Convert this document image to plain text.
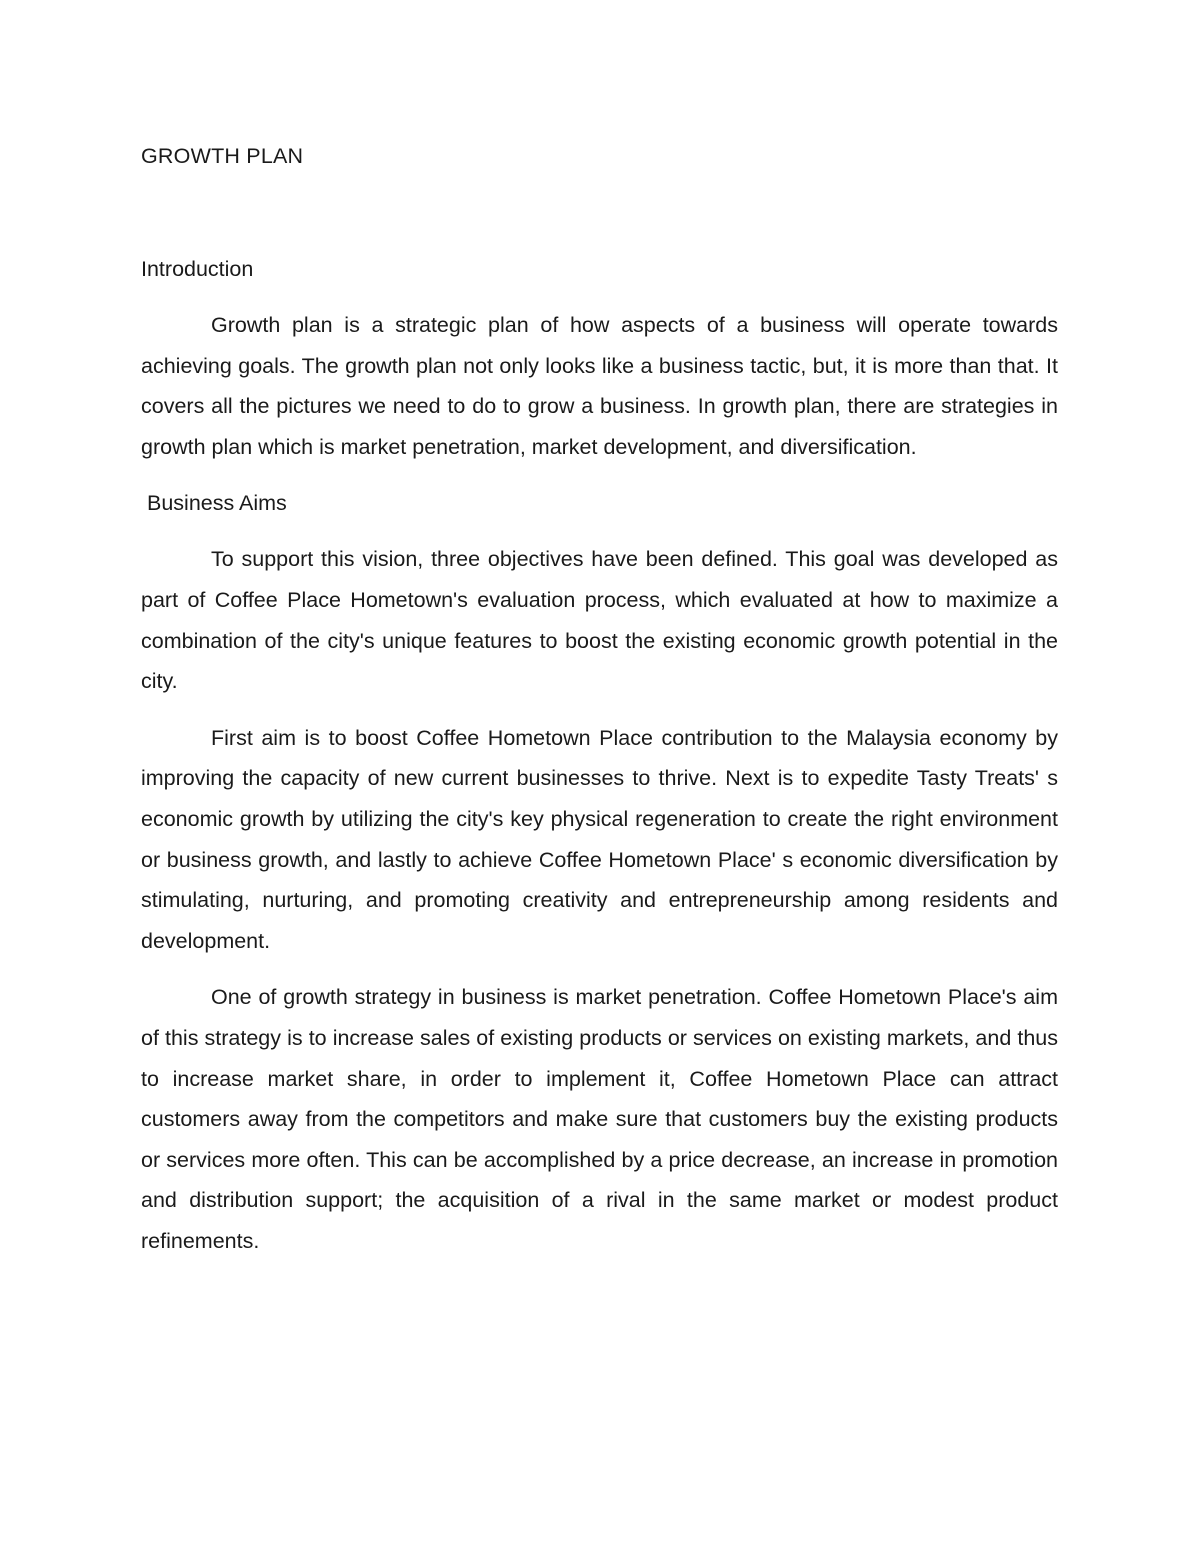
GROWTH PLAN
Introduction

Growth plan is a strategic plan of how aspects of a business will operate towards achieving goals. The growth plan not only looks like a business tactic, but, it is more than that. It covers all the pictures we need to do to grow a business. In growth plan, there are strategies in growth plan which is market penetration, market development, and diversification.

Business Aims

To support this vision, three objectives have been defined. This goal was developed as part of Coffee Place Hometown's evaluation process, which evaluated at how to maximize a combination of the city's unique features to boost the existing economic growth potential in the city.

First aim is to boost Coffee Hometown Place contribution to the Malaysia economy by improving the capacity of new current businesses to thrive. Next is to expedite Tasty Treats' s economic growth by utilizing the city's key physical regeneration to create the right environment or business growth, and lastly to achieve Coffee Hometown Place' s economic diversification by stimulating, nurturing, and promoting creativity and entrepreneurship among residents and development.

One of growth strategy in business is market penetration. Coffee Hometown Place's aim of this strategy is to increase sales of existing products or services on existing markets, and thus to increase market share, in order to implement it, Coffee Hometown Place can attract customers away from the competitors and make sure that customers buy the existing products or services more often. This can be accomplished by a price decrease, an increase in promotion and distribution support; the acquisition of a rival in the same market or modest product refinements.
